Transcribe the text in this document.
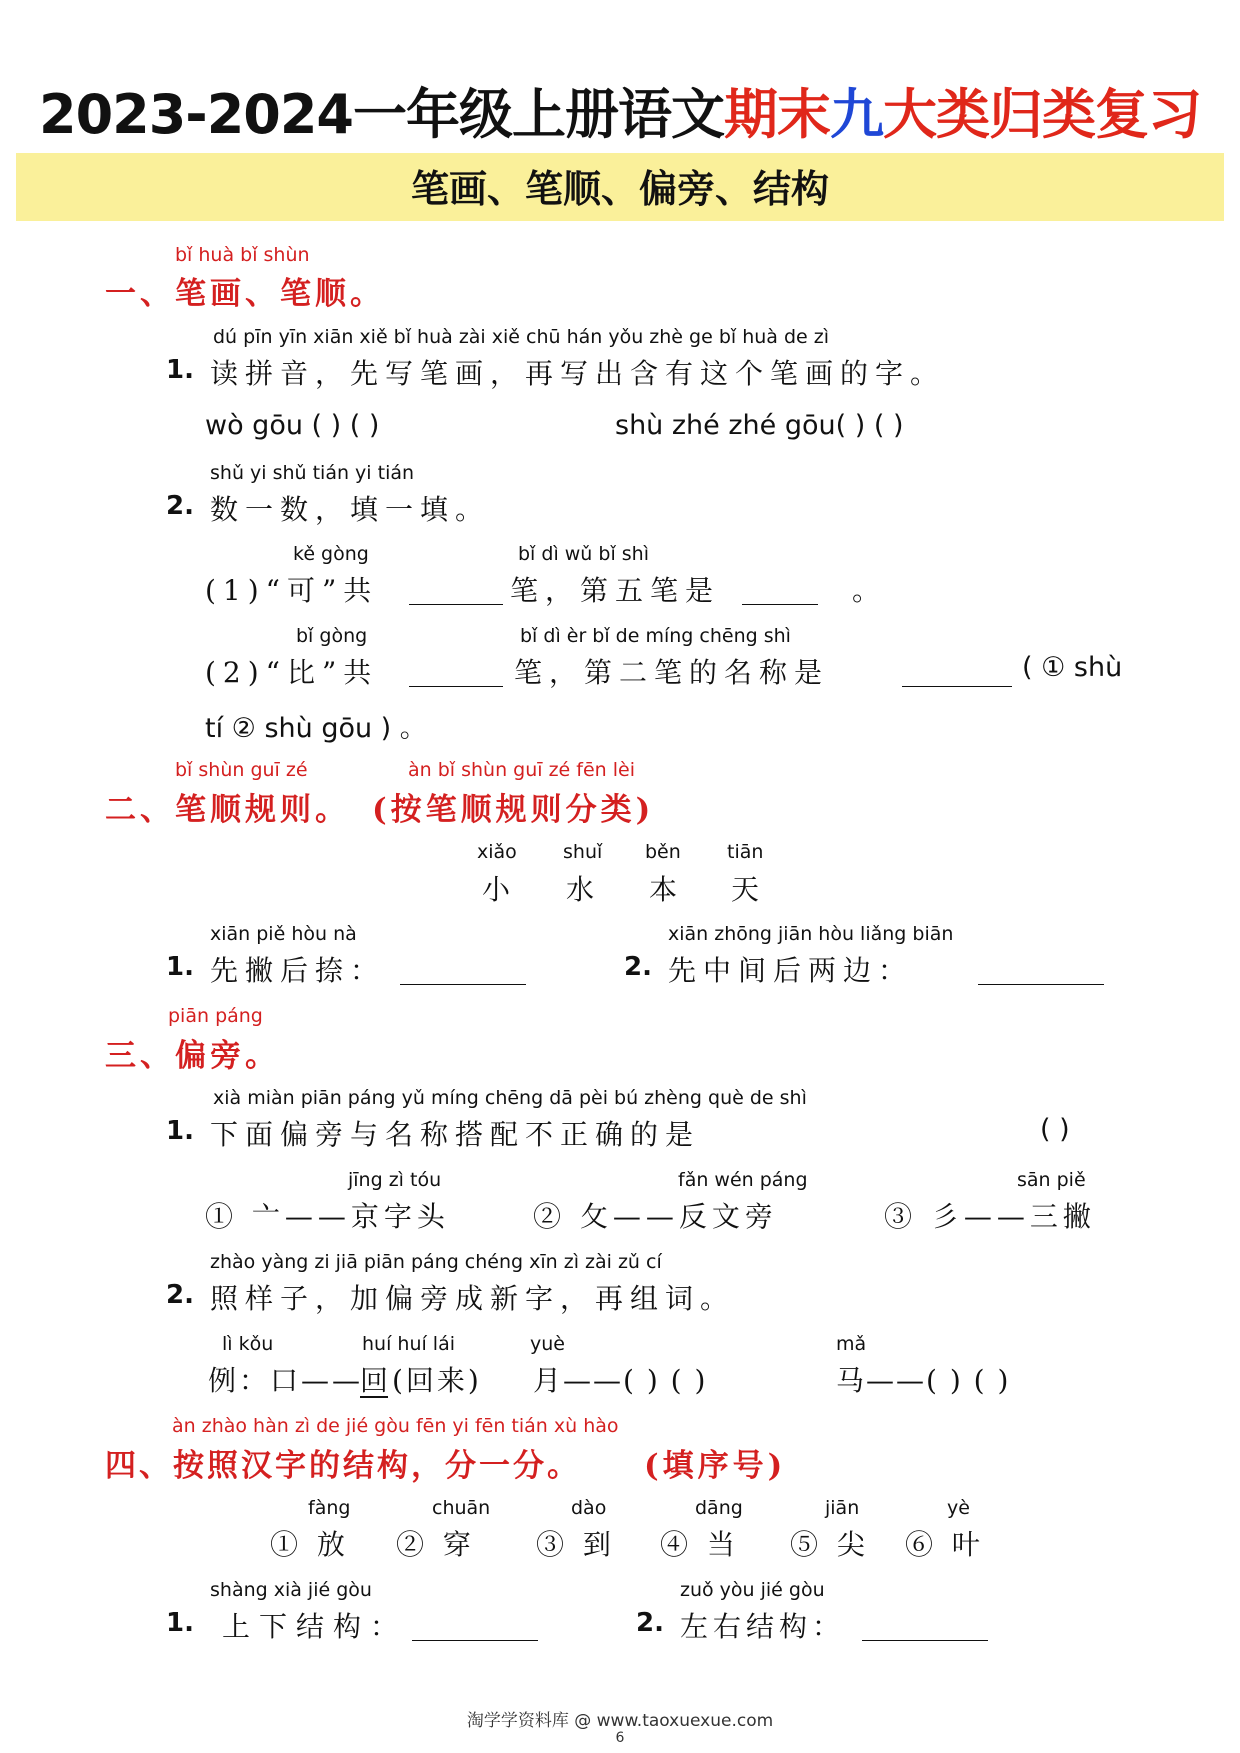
2023-2024一年级上册语文期末九大类归类复习
笔画、笔顺、偏旁、结构
bǐ huà bǐ shùn
一、笔画、笔顺。
dú pīn yīn xiān xiě bǐ huà zài xiě chū hán yǒu zhè ge bǐ huà de zì
1. 读拼音，先写笔画，再写出含有这个笔画的字。
wò gōu ( ) ( )	shù zhé zhé gōu( ) ( )
shǔ yi shǔ tián yi tián
2. 数一数，填一填。
kě gòng	bǐ dì wǔ bǐ shì
(1)“可”共	笔，第五笔是	。
bǐ gòng	bǐ dì èr bǐ de míng chēng shì
(2)“比”共	笔，第二笔的名称是	( ① shù
tí ② shù gōu ) 。
bǐ shùn guī zé	àn bǐ shùn guī zé fēn lèi
二、笔顺规则。 (按笔顺规则分类)
xiǎo shuǐ běn tiān
小 水 本 天
xiān piě hòu nà
1. 先撇后捺：
xiān zhōng jiān hòu liǎng biān
2. 先中间后两边：
piān páng
三、偏旁。
xià miàn piān páng yǔ míng chēng dā pèi bú zhèng què de shì
1. 下面偏旁与名称搭配不正确的是	( )
jīng zì tóu
① 亠——京字头
fǎn wén páng
② 攵——反文旁
sān piě
③ 彡——三撇
zhào yàng zi jiā piān páng chéng xīn zì zài zǔ cí
2. 照样子，加偏旁成新字，再组词。
lì kǒu	huí huí lái	yuè	mǎ
例：口——
回 (回来) 月——( ) ( )	马——( ) ( )
àn zhào hàn zì de jié gòu fēn yi fēn tián xù hào
四、按照汉字的结构，分一分。 (填序号)
fàng	chuān	dào	dāng	jiān	yè
① 放 ② 穿 ③ 到 ④ 当 ⑤ 尖 ⑥ 叶
shàng xià jié gòu
1. 上下结构：
zuǒ yòu jié gòu
2. 左右结构：
淘学学资料库 @ www.taoxuexue.com
6
